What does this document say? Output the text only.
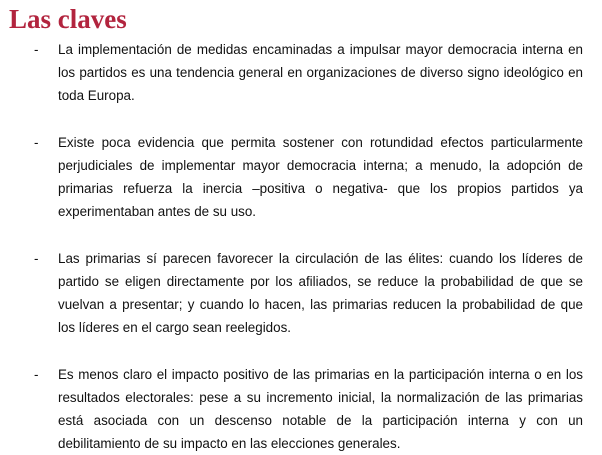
Las claves
- La implementación de medidas encaminadas a impulsar mayor democracia interna en los partidos es una tendencia general en organizaciones de diverso signo ideológico en toda Europa.

- Existe poca evidencia que permita sostener con rotundidad efectos particularmente perjudiciales de implementar mayor democracia interna; a menudo, la adopción de primarias refuerza la inercia –positiva o negativa- que los propios partidos ya experimentaban antes de su uso.

- Las primarias sí parecen favorecer la circulación de las élites: cuando los líderes de partido se eligen directamente por los afiliados, se reduce la probabilidad de que se vuelvan a presentar; y cuando lo hacen, las primarias reducen la probabilidad de que los líderes en el cargo sean reelegidos.

- Es menos claro el impacto positivo de las primarias en la participación interna o en los resultados electorales: pese a su incremento inicial, la normalización de las primarias está asociada con un descenso notable de la participación interna y con un debilitamiento de su impacto en las elecciones generales.
